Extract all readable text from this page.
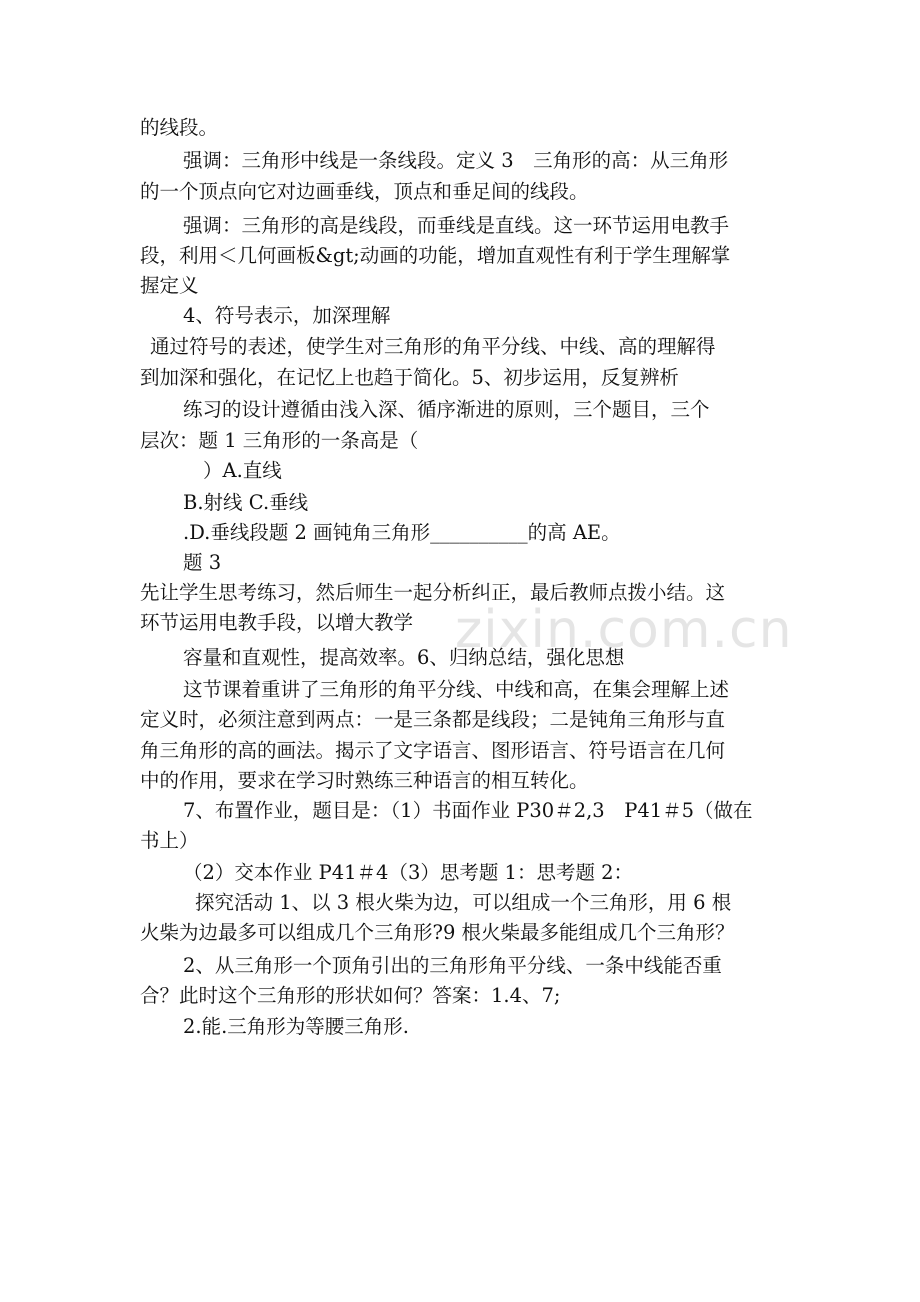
zixin.com.cn
的线段。
强调：三角形中线是一条线段。定义 3　三角形的高：从三角形
的一个顶点向它对边画垂线，顶点和垂足间的线段。
强调：三角形的高是线段，而垂线是直线。这一环节运用电教手
段，利用＜几何画板&gt;动画的功能，增加直观性有利于学生理解掌
握定义
4、符号表示，加深理解
通过符号的表述，使学生对三角形的角平分线、中线、高的理解得
到加深和强化，在记忆上也趋于简化。5、初步运用，反复辨析
练习的设计遵循由浅入深、循序渐进的原则，三个题目，三个
层次：题 1 三角形的一条高是（
）A.直线
B.射线 C.垂线
.D.垂线段题 2 画钝角三角形__________的高 AE。
题 3
先让学生思考练习，然后师生一起分析纠正，最后教师点拨小结。这
环节运用电教手段，以增大教学
容量和直观性，提高效率。6、归纳总结，强化思想
这节课着重讲了三角形的角平分线、中线和高，在集会理解上述
定义时，必须注意到两点：一是三条都是线段；二是钝角三角形与直
角三角形的高的画法。揭示了文字语言、图形语言、符号语言在几何
中的作用，要求在学习时熟练三种语言的相互转化。
7、布置作业，题目是：（1）书面作业 P30＃2,3　P41＃5（做在
书上）
（2）交本作业 P41＃4（3）思考题 1：思考题 2：
探究活动 1、以 3 根火柴为边，可以组成一个三角形，用 6 根
火柴为边最多可以组成几个三角形?9 根火柴最多能组成几个三角形？
2、从三角形一个顶角引出的三角形角平分线、一条中线能否重
合？此时这个三角形的形状如何？答案：1.4、7;
2.能.三角形为等腰三角形.
